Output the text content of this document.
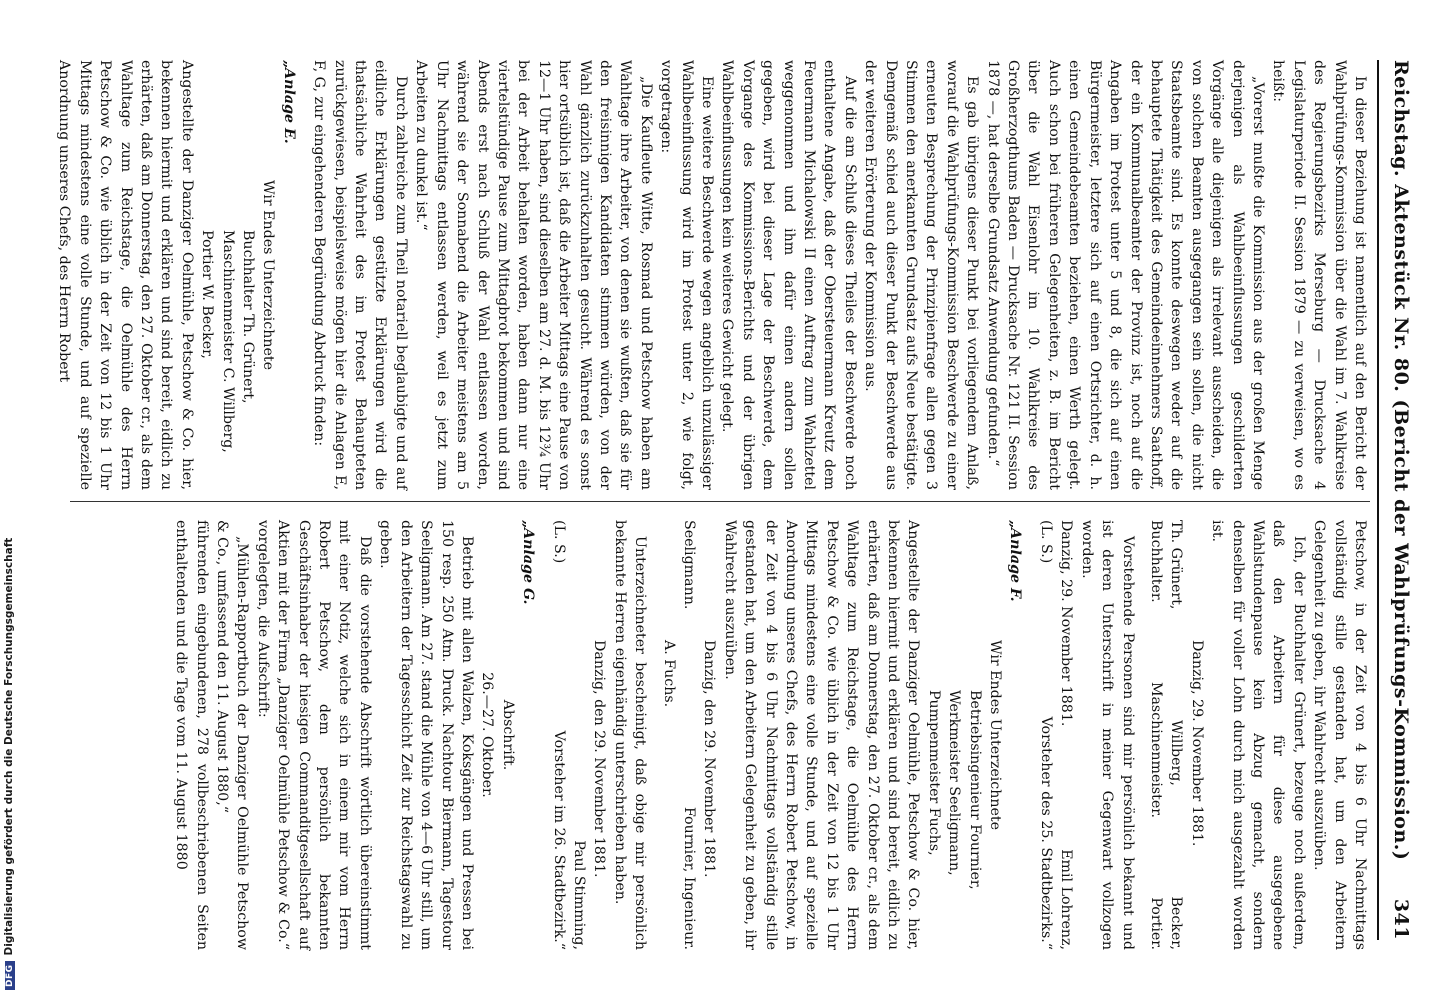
Reichstag. Aktenstück Nr. 80. (Bericht der Wahlprüfungs-Kommission.)
341

In dieser Beziehung ist namentlich auf den Bericht der Wahlprüfungs-Kommission über die Wahl im 7. Wahlkreise des Regierungsbezirks Merseburg — Drucksache 4 Legislaturperiode II. Session 1879 — zu verweisen, wo es heißt:

„Vorerst mußte die Kommission aus der großen Menge derjenigen als Wahlbeeinflussungen geschilderten Vorgänge alle diejenigen als irrelevant ausscheiden, die von solchen Beamten ausgegangen sein sollen, die nicht Staatsbeamte sind. Es konnte deswegen weder auf die behauptete Thätigkeit des Gemeindeeinnehmers Saathoff, der ein Kommunalbeamter der Provinz ist, noch auf die Angaben im Protest unter 5 und 8, die sich auf einen Bürgermeister, letztere sich auf einen Ortsrichter, d. h. einen Gemeindebeamten beziehen, einen Werth gelegt. Auch schon bei früheren Gelegenheiten, z. B. im Bericht über die Wahl Eisenlohr im 10. Wahlkreise des Großherzogthums Baden — Drucksache Nr. 121 II. Session 1878 —, hat derselbe Grundsatz Anwendung gefunden.“

Es gab übrigens dieser Punkt bei vorliegendem Anlaß, worauf die Wahlprüfungs-Kommission Beschwerde zu einer erneuten Besprechung der Prinzipienfrage allen gegen 3 Stimmen den anerkannten Grundsatz aufs Neue bestätigte. Demgemäß schied auch dieser Punkt der Beschwerde aus der weiteren Erörterung der Kommission aus.

Auf die am Schluß dieses Theiles der Beschwerde noch enthaltene Angabe, daß der Obersteuermann Kreutz dem Feuermann Michalowski II einen Auftrag zum Wahlzettel weggenommen und ihm dafür einen andern sollen gegeben, wird bei dieser Lage der Beschwerde, dem Vorgange des Kommissions-Berichts und der übrigen Wahlbeeinflussungen kein weiteres Gewicht gelegt.

Eine weitere Beschwerde wegen angeblich unzulässiger Wahlbeeinflussung wird im Protest unter 2, wie folgt, vorgetragen:

„Die Kaufleute Witte, Rosmad und Petschow haben am Wahltage ihre Arbeiter, von denen sie wußten, daß sie für den freisinnigen Kandidaten stimmen würden, von der Wahl gänzlich zurückzuhalten gesucht. Während es sonst hier ortsüblich ist, daß die Arbeiter Mittags eine Pause von 12—1 Uhr haben, sind dieselben am 27. d. M. bis 12¾ Uhr bei der Arbeit behalten worden, haben dann nur eine viertelstündige Pause zum Mittagbrot bekommen und sind Abends erst nach Schluß der Wahl entlassen worden, während sie der Sonnabend die Arbeiter meistens am 5 Uhr Nachmittags entlassen werden, weil es jetzt zum Arbeiten zu dunkel ist.“

Durch zahlreiche zum Theil notariell beglaubigte und auf eidliche Erklärungen gestützte Erklärungen wird die thatsächliche Wahrheit des im Protest Behaupteten zurückgewiesen, beispielsweise mögen hier die Anlagen E, F, G, zur eingehenderen Begründung Abdruck finden:

„Anlage E.

Wir Endes Unterzeichnete

Buchhalter Th. Grünert,

Maschinenmeister C. Willberg,

Portier W. Becker,

Angestellte der Danziger Oelmühle, Petschow & Co. hier, bekennen hiermit und erklären und sind bereit, eidlich zu erhärten, daß am Donnerstag, den 27. Oktober cr., als dem Wahltage zum Reichstage, die Oelmühle des Herrn Petschow & Co. wie üblich in der Zeit von 12 bis 1 Uhr Mittags mindestens eine volle Stunde, und auf spezielle Anordnung unseres Chefs, des Herrn Robert

Petschow, in der Zeit von 4 bis 6 Uhr Nachmittags vollständig stille gestanden hat, um den Arbeitern Gelegenheit zu geben, ihr Wahlrecht auszuüben.

Ich, der Buchhalter Grünert, bezeuge noch außerdem, daß den Arbeitern für diese ausgegebene Wahlstundenpause kein Abzug gemacht, sondern denselben für voller Lohn durch mich ausgezahlt worden ist.

Danzig, 29. November 1881.

Th. Grünert,
Willberg,
Becker,
Buchhalter.
Maschinenmeister.
Portier.

Vorstehende Personen sind mir persönlich bekannt und ist deren Unterschrift in meiner Gegenwart vollzogen worden.

Danzig, 29. November 1881.
Emil Lohrenz,
(L. S.)
Vorsteher des 25. Stadtbezirks.“

„Anlage F.

Wir Endes Unterzeichnete

Betriebsingenieur Fournier,

Werkmeister Seeligmann,

Pumpenmeister Fuchs,

Angestellte der Danziger Oelmühle, Petschow & Co. hier, bekennen hiermit und erklären und sind bereit, eidlich zu erhärten, daß am Donnerstag, den 27. Oktober cr., als dem Wahltage zum Reichstage, die Oelmühle des Herrn Petschow & Co. wie üblich in der Zeit von 12 bis 1 Uhr Mittags mindestens eine volle Stunde, und auf spezielle Anordnung unseres Chefs, des Herrn Robert Petschow, in der Zeit von 4 bis 6 Uhr Nachmittags vollständig stille gestanden hat, um den Arbeitern Gelegenheit zu geben, ihr Wahlrecht auszuüben.

Danzig, den 29. November 1881.

Seeligmann.
Fournier, Ingenieur.

A. Fuchs.

Unterzeichneter bescheinigt, daß obige mir persönlich bekannte Herren eigenhändig unterschrieben haben.

Danzig, den 29. November 1881.

Paul Stimming,

(L. S.)
Vorsteher im 26. Stadtbezirk.“

„Anlage G.

Abschrift.

26.—27. Oktober.

Betrieb mit allen Walzen, Koksgängen und Pressen bei 150 resp. 250 Atm. Druck. Nachtour Biermann, Tagestour Seeligmann. Am 27. stand die Mühle von 4—6 Uhr still, um den Arbeitern der Tagesschicht Zeit zur Reichstagswahl zu geben.

Daß die vorstehende Abschrift wörtlich übereinstimmt mit einer Notiz, welche sich in einem mir vom Herrn Robert Petschow, dem persönlich bekannten Geschäftsinhaber der hiesigen Commanditgesellschaft auf Aktien mit der Firma „Danziger Oelmühle Petschow & Co.“ vorgelegten, die Aufschrift:

„Mühlen-Rapportbuch der Danziger Oelmühle Petschow & Co., umfassend den 11. August 1880,“

führenden eingebundenen, 278 vollbeschriebenen Seiten enthaltenden und die Tage vom 11. August 1880

DFGDigitalisierung gefördert durch die Deutsche Forschungsgemeinschaft
